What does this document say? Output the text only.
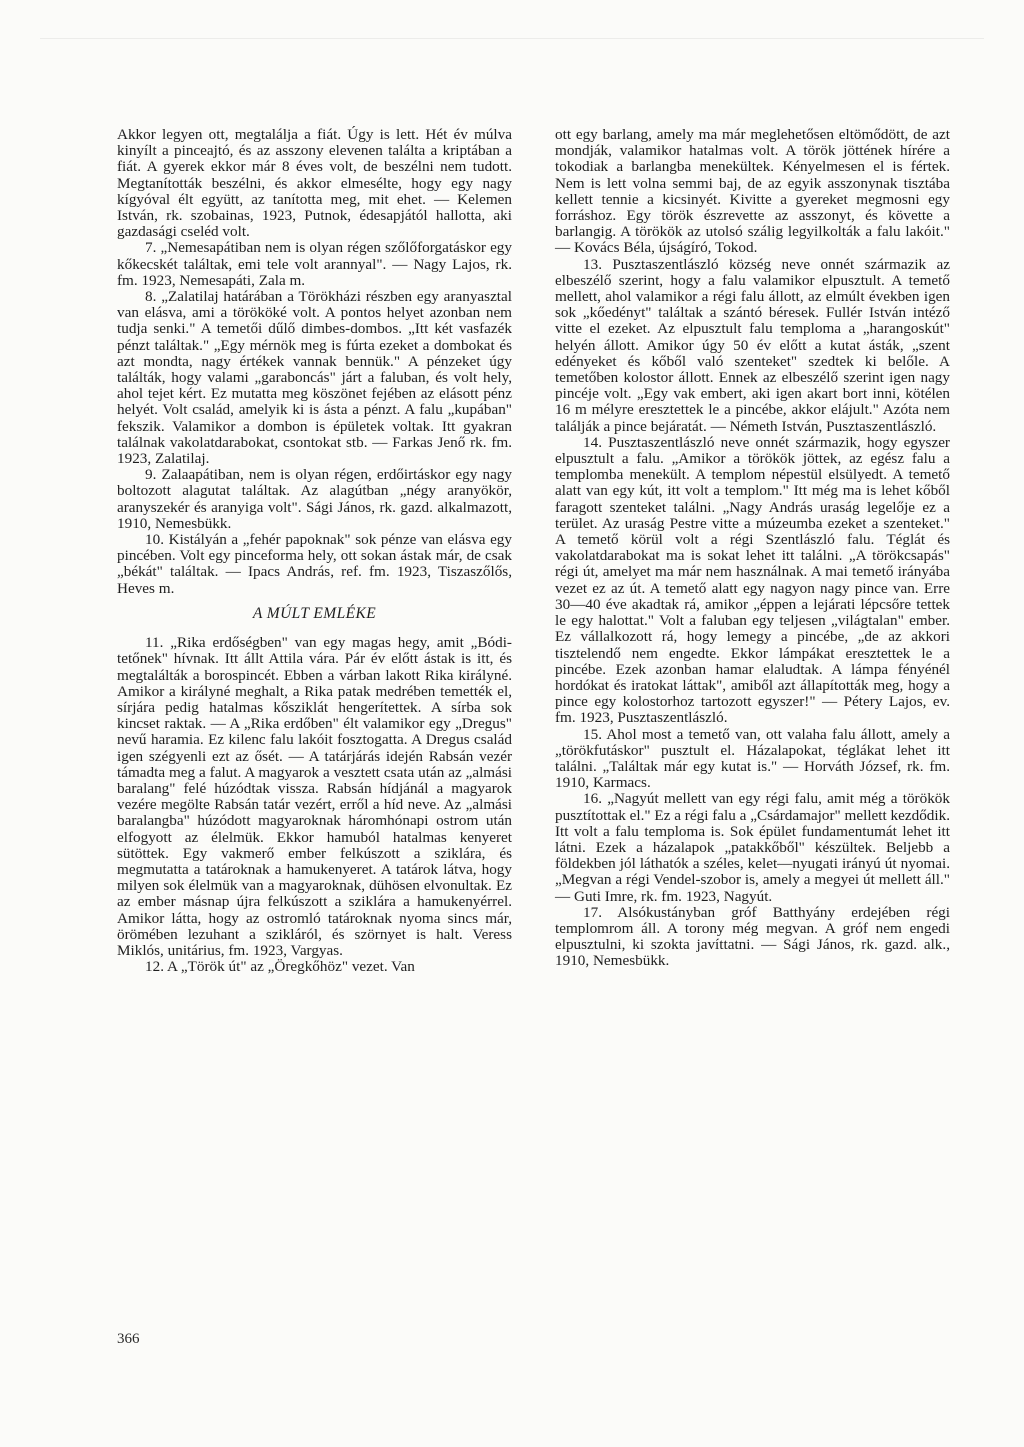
Akkor legyen ott, megtalálja a fiát. Úgy is lett. Hét év múlva kinyílt a pinceajtó, és az asszony elevenen találta a kriptában a fiát. A gyerek ekkor már 8 éves volt, de beszélni nem tudott. Megtanították beszélni, és akkor elmesélte, hogy egy nagy kígyóval élt együtt, az tanította meg, mit ehet. — Kelemen István, rk. szobainas, 1923, Putnok, édesapjától hallotta, aki gazdasági cseléd volt.

7. „Nemesapátiban nem is olyan régen szőlőforgatáskor egy kőkecskét találtak, emi tele volt arannyal". — Nagy Lajos, rk. fm. 1923, Nemesapáti, Zala m.

8. „Zalatilaj határában a Törökházi részben egy aranyasztal van elásva, ami a törököké volt. A pontos helyet azonban nem tudja senki." A temetői dűlő dimbes-dombos. „Itt két vasfazék pénzt találtak." „Egy mérnök meg is fúrta ezeket a dombokat és azt mondta, nagy értékek vannak bennük." A pénzeket úgy találták, hogy valami „garaboncás" járt a faluban, és volt hely, ahol tejet kért. Ez mutatta meg köszönet fejében az elásott pénz helyét. Volt család, amelyik ki is ásta a pénzt. A falu „kupában" fekszik. Valamikor a dombon is épületek voltak. Itt gyakran találnak vakolatdarabokat, csontokat stb. — Farkas Jenő rk. fm. 1923, Zalatilaj.

9. Zalaapátiban, nem is olyan régen, erdőirtáskor egy nagy boltozott alagutat találtak. Az alagútban „négy aranyökör, aranyszekér és aranyiga volt". Sági János, rk. gazd. alkalmazott, 1910, Nemesbükk.

10. Kistályán a „fehér papoknak" sok pénze van elásva egy pincében. Volt egy pinceforma hely, ott sokan ástak már, de csak „békát" találtak. — Ipacs András, ref. fm. 1923, Tiszaszőlős, Heves m.

A MÚLT EMLÉKE

11. „Rika erdőségben" van egy magas hegy, amit „Bódi-tetőnek" hívnak. Itt állt Attila vára. Pár év előtt ástak is itt, és megtalálták a borospincét. Ebben a várban lakott Rika királyné. Amikor a királyné meghalt, a Rika patak medrében temették el, sírjára pedig hatalmas kősziklát hengerítettek. A sírba sok kincset raktak. — A „Rika erdőben" élt valamikor egy „Dregus" nevű haramia. Ez kilenc falu lakóit fosztogatta. A Dregus család igen szégyenli ezt az ősét. — A tatárjárás idején Rabsán vezér támadta meg a falut. A magyarok a vesztett csata után az „almási baralang" felé húzódtak vissza. Rabsán hídjánál a magyarok vezére megölte Rabsán tatár vezért, erről a híd neve. Az „almási baralangba" húzódott magyaroknak háromhónapi ostrom után elfogyott az élelmük. Ekkor hamuból hatalmas kenyeret sütöttek. Egy vakmerő ember felkúszott a sziklára, és megmutatta a tatároknak a hamukenyeret. A tatárok látva, hogy milyen sok élelmük van a magyaroknak, dühösen elvonultak. Ez az ember másnap újra felkúszott a sziklára a hamukenyérrel. Amikor látta, hogy az ostromló tatároknak nyoma sincs már, örömében lezuhant a szikláról, és szörnyet is halt. Veress Miklós, unitárius, fm. 1923, Vargyas.

12. A „Török út" az „Öregkőhöz" vezet. Van

ott egy barlang, amely ma már meglehetősen eltömődött, de azt mondják, valamikor hatalmas volt. A török jöttének hírére a tokodiak a barlangba menekültek. Kényelmesen el is fértek. Nem is lett volna semmi baj, de az egyik asszonynak tisztába kellett tennie a kicsinyét. Kivitte a gyereket megmosni egy forráshoz. Egy török észrevette az asszonyt, és követte a barlangig. A törökök az utolsó szálig legyilkolták a falu lakóit." — Kovács Béla, újságíró, Tokod.

13. Pusztaszentlászló község neve onnét származik az elbeszélő szerint, hogy a falu valamikor elpusztult. A temető mellett, ahol valamikor a régi falu állott, az elmúlt években igen sok „kőedényt" találtak a szántó béresek. Fullér István intéző vitte el ezeket. Az elpusztult falu temploma a „harangoskút" helyén állott. Amikor úgy 50 év előtt a kutat ásták, „szent edényeket és kőből való szenteket" szedtek ki belőle. A temetőben kolostor állott. Ennek az elbeszélő szerint igen nagy pincéje volt. „Egy vak embert, aki igen akart bort inni, kötélen 16 m mélyre eresztettek le a pincébe, akkor elájult." Azóta nem találják a pince bejáratát. — Németh István, Pusztaszentlászló.

14. Pusztaszentlászló neve onnét származik, hogy egyszer elpusztult a falu. „Amikor a törökök jöttek, az egész falu a templomba menekült. A templom népestül elsülyedt. A temető alatt van egy kút, itt volt a templom." Itt még ma is lehet kőből faragott szenteket találni. „Nagy András uraság legelője ez a terület. Az uraság Pestre vitte a múzeumba ezeket a szenteket." A temető körül volt a régi Szentlászló falu. Téglát és vakolatdarabokat ma is sokat lehet itt találni. „A törökcsapás" régi út, amelyet ma már nem használnak. A mai temető irányába vezet ez az út. A temető alatt egy nagyon nagy pince van. Erre 30—40 éve akadtak rá, amikor „éppen a lejárati lépcsőre tettek le egy halottat." Volt a faluban egy teljesen „világtalan" ember. Ez vállalkozott rá, hogy lemegy a pincébe, „de az akkori tisztelendő nem engedte. Ekkor lámpákat eresztettek le a pincébe. Ezek azonban hamar elaludtak. A lámpa fényénél hordókat és iratokat láttak", amiből azt állapították meg, hogy a pince egy kolostorhoz tartozott egyszer!" — Pétery Lajos, ev. fm. 1923, Pusztaszentlászló.

15. Ahol most a temető van, ott valaha falu állott, amely a „törökfutáskor" pusztult el. Házalapokat, téglákat lehet itt találni. „Találtak már egy kutat is." — Horváth József, rk. fm. 1910, Karmacs.

16. „Nagyút mellett van egy régi falu, amit még a törökök pusztítottak el." Ez a régi falu a „Csárdamajor" mellett kezdődik. Itt volt a falu temploma is. Sok épület fundamentumát lehet itt látni. Ezek a házalapok „patakkőből" készültek. Beljebb a földekben jól láthatók a széles, kelet—nyugati irányú út nyomai. „Megvan a régi Vendel-szobor is, amely a megyei út mellett áll." — Guti Imre, rk. fm. 1923, Nagyút.

17. Alsókustányban gróf Batthyány erdejében régi templomrom áll. A torony még megvan. A gróf nem engedi elpusztulni, ki szokta javíttatni. — Sági János, rk. gazd. alk., 1910, Nemesbükk.

366
